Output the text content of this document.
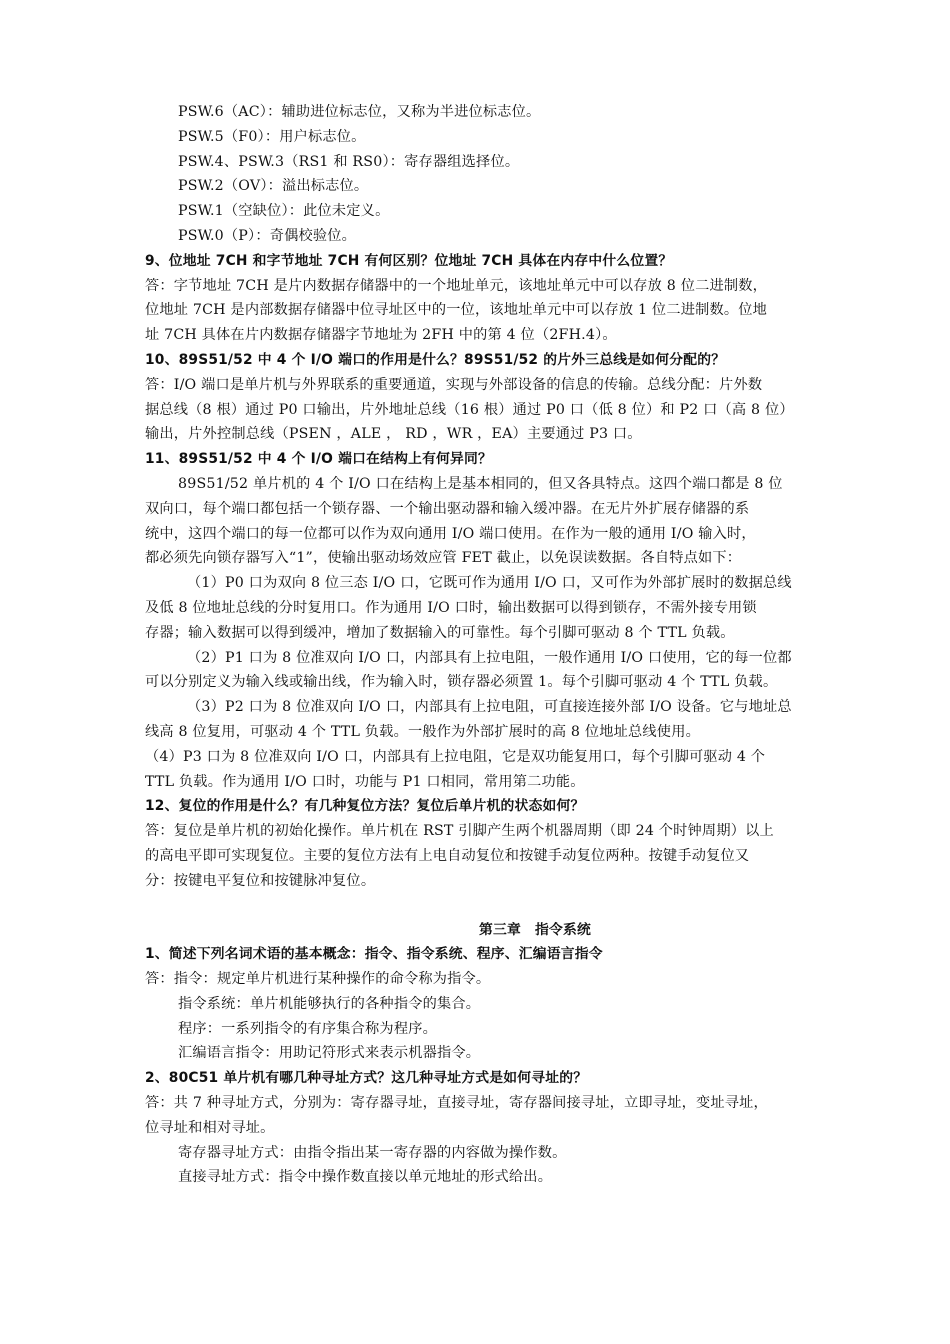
PSW.6（AC）：辅助进位标志位，又称为半进位标志位。
PSW.5（F0）：用户标志位。
PSW.4、PSW.3（RS1 和 RS0）：寄存器组选择位。
PSW.2（OV）：溢出标志位。
PSW.1（空缺位）：此位未定义。
PSW.0（P）：奇偶校验位。
9、位地址 7CH 和字节地址 7CH 有何区别？位地址 7CH 具体在内存中什么位置？
答：字节地址 7CH 是片内数据存储器中的一个地址单元，该地址单元中可以存放 8 位二进制数，
位地址 7CH 是内部数据存储器中位寻址区中的一位，该地址单元中可以存放 1 位二进制数。位地
址 7CH 具体在片内数据存储器字节地址为 2FH 中的第 4 位（2FH.4）。
10、89S51/52 中 4 个 I/O 端口的作用是什么？89S51/52 的片外三总线是如何分配的？
答：I/O 端口是单片机与外界联系的重要通道，实现与外部设备的信息的传输。总线分配：片外数
据总线（8 根）通过 P0 口输出，片外地址总线（16 根）通过 P0 口（低 8 位）和 P2 口（高 8 位）
输出，片外控制总线（PSEN ，ALE ， RD ，WR ，EA）主要通过 P3 口。
11、89S51/52 中 4 个 I/O 端口在结构上有何异同？
89S51/52 单片机的 4 个 I/O 口在结构上是基本相同的，但又各具特点。这四个端口都是 8 位
双向口，每个端口都包括一个锁存器、一个输出驱动器和输入缓冲器。在无片外扩展存储器的系
统中，这四个端口的每一位都可以作为双向通用 I/O 端口使用。在作为一般的通用 I/O 输入时，
都必须先向锁存器写入“1”，使输出驱动场效应管 FET 截止，以免误读数据。各自特点如下：
（1）P0 口为双向 8 位三态 I/O 口，它既可作为通用 I/O 口，又可作为外部扩展时的数据总线
及低 8 位地址总线的分时复用口。作为通用 I/O 口时，输出数据可以得到锁存，不需外接专用锁
存器；输入数据可以得到缓冲，增加了数据输入的可靠性。每个引脚可驱动 8 个 TTL 负载。
（2）P1 口为 8 位准双向 I/O 口，内部具有上拉电阻，一般作通用 I/O 口使用，它的每一位都
可以分别定义为输入线或输出线，作为输入时，锁存器必须置 1。每个引脚可驱动 4 个 TTL 负载。
（3）P2 口为 8 位准双向 I/O 口，内部具有上拉电阻，可直接连接外部 I/O 设备。它与地址总
线高 8 位复用，可驱动 4 个 TTL 负载。一般作为外部扩展时的高 8 位地址总线使用。
（4）P3 口为 8 位准双向 I/O 口，内部具有上拉电阻，它是双功能复用口，每个引脚可驱动 4 个
TTL 负载。作为通用 I/O 口时，功能与 P1 口相同，常用第二功能。
12、复位的作用是什么？有几种复位方法？复位后单片机的状态如何？
答：复位是单片机的初始化操作。单片机在 RST 引脚产生两个机器周期（即 24 个时钟周期）以上
的高电平即可实现复位。主要的复位方法有上电自动复位和按键手动复位两种。按键手动复位又
分：按键电平复位和按键脉冲复位。
第三章　指令系统
1、简述下列名词术语的基本概念：指令、指令系统、程序、汇编语言指令
答：指令：规定单片机进行某种操作的命令称为指令。
指令系统：单片机能够执行的各种指令的集合。
程序：一系列指令的有序集合称为程序。
汇编语言指令：用助记符形式来表示机器指令。
2、80C51 单片机有哪几种寻址方式？这几种寻址方式是如何寻址的？
答：共 7 种寻址方式，分别为：寄存器寻址，直接寻址，寄存器间接寻址，立即寻址，变址寻址，
位寻址和相对寻址。
寄存器寻址方式：由指令指出某一寄存器的内容做为操作数。
直接寻址方式：指令中操作数直接以单元地址的形式给出。
